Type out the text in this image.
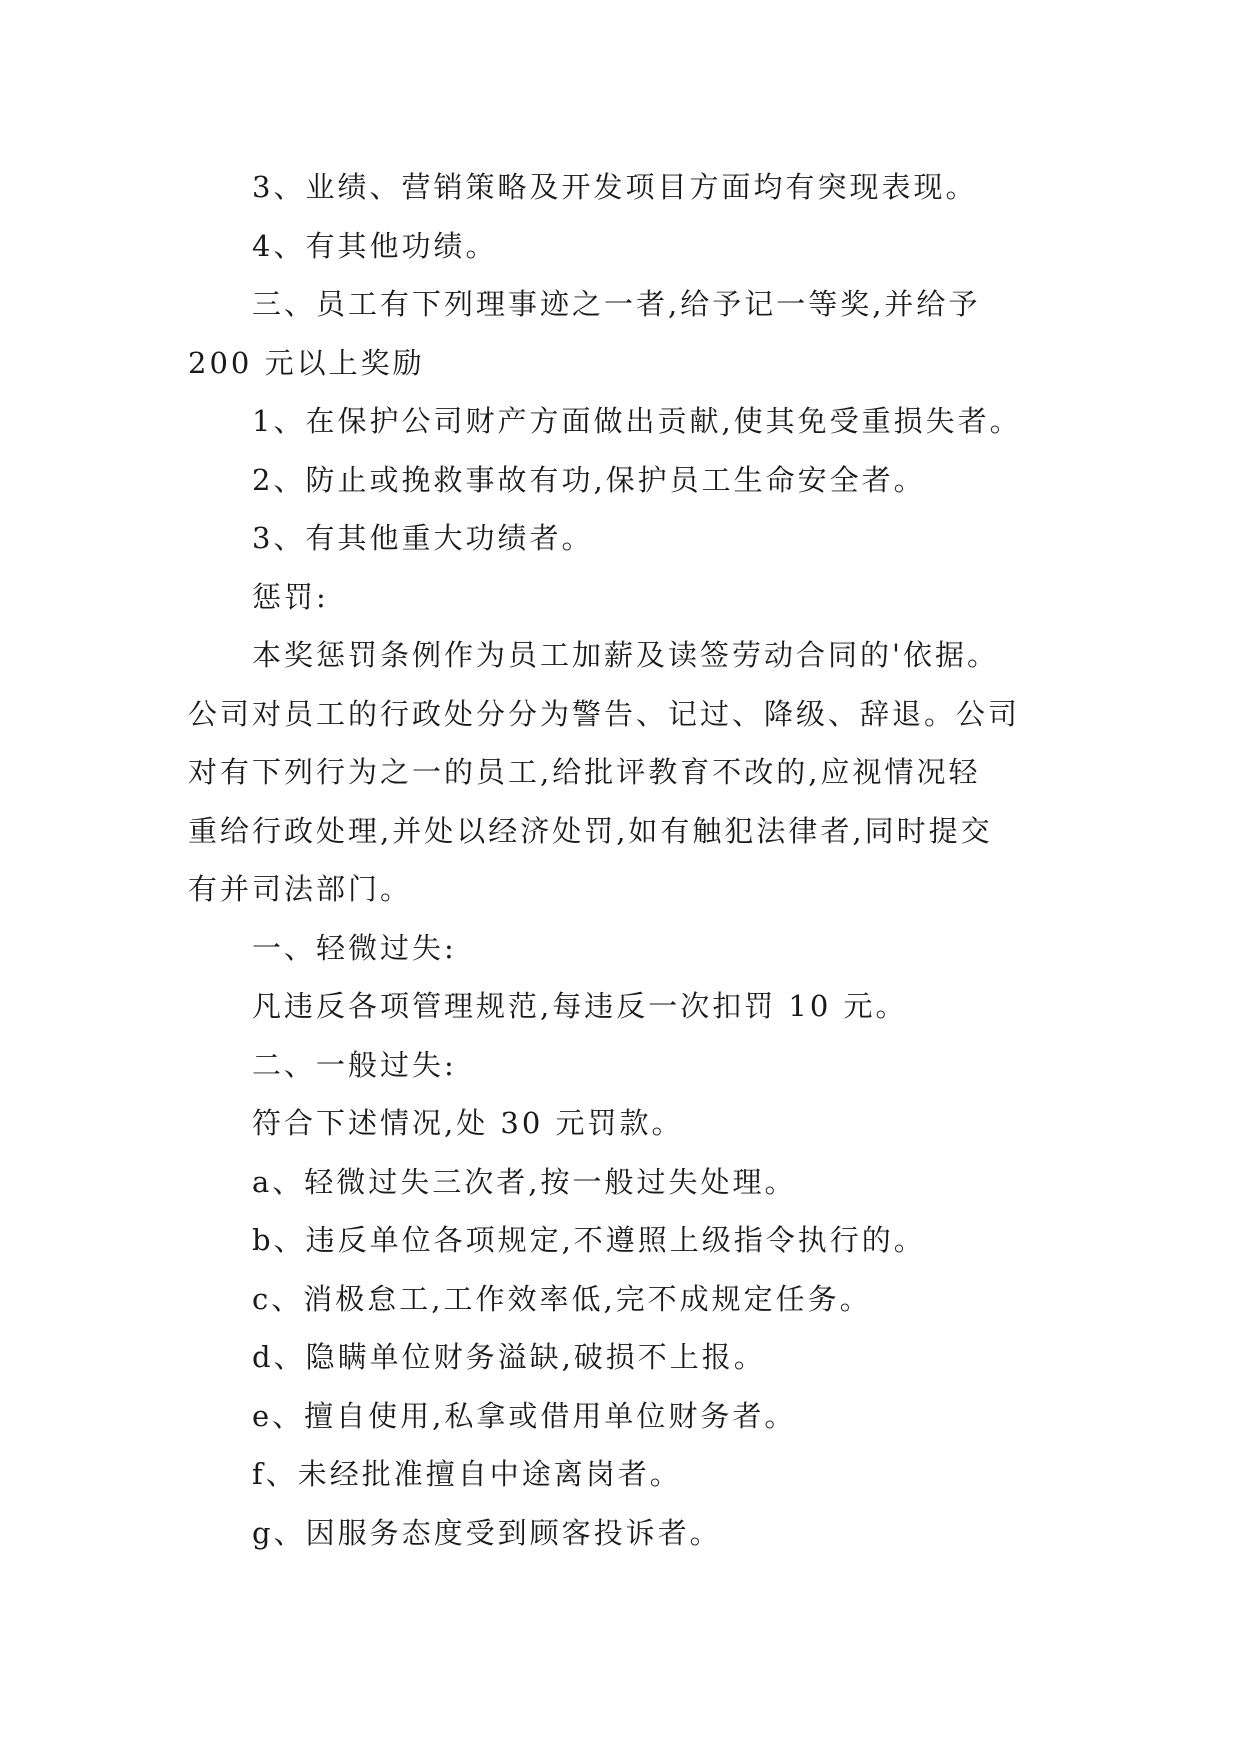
3、业绩、营销策略及开发项目方面均有突现表现。
4、有其他功绩。
三、员工有下列理事迹之一者,给予记一等奖,并给予
200 元以上奖励
1、在保护公司财产方面做出贡献,使其免受重损失者。
2、防止或挽救事故有功,保护员工生命安全者。
3、有其他重大功绩者。
惩罚:
本奖惩罚条例作为员工加薪及读签劳动合同的'依据。
公司对员工的行政处分分为警告、记过、降级、辞退。公司
对有下列行为之一的员工,给批评教育不改的,应视情况轻
重给行政处理,并处以经济处罚,如有触犯法律者,同时提交
有并司法部门。
一、轻微过失:
凡违反各项管理规范,每违反一次扣罚 10 元。
二、一般过失:
符合下述情况,处 30 元罚款。
a、轻微过失三次者,按一般过失处理。
b、违反单位各项规定,不遵照上级指令执行的。
c、消极怠工,工作效率低,完不成规定任务。
d、隐瞒单位财务溢缺,破损不上报。
e、擅自使用,私拿或借用单位财务者。
f、未经批准擅自中途离岗者。
g、因服务态度受到顾客投诉者。
